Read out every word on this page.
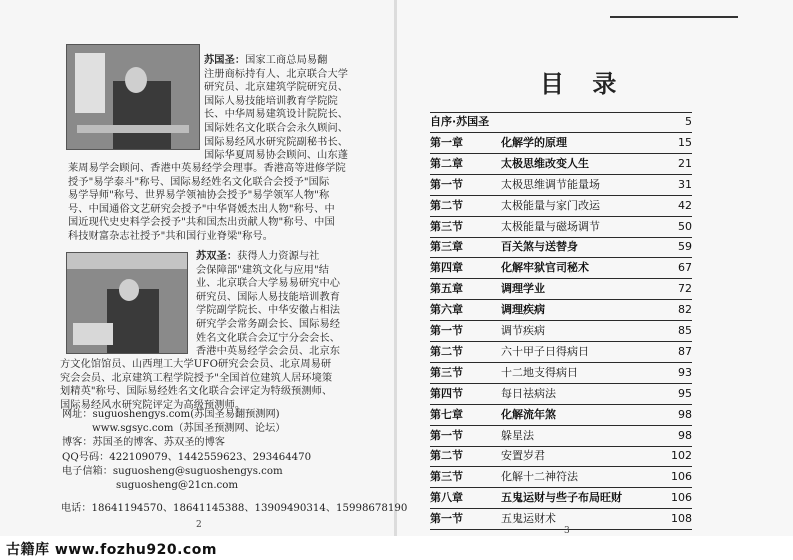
苏国圣：国家工商总局易翻
注册商标持有人、北京联合大学
研究员、北京建筑学院研究员、
国际人易技能培训教育学院院
长、中华周易建筑设计院院长、
国际姓名文化联合会永久顾问、
国际易经风水研究院副秘书长、
国际华夏周易协会顾问、山东蓬
莱周易学会顾问、香港中英易经学会理事。香港高等进修学院
授予"易学泰斗"称号、国际易经姓名文化联合会授予"国际
易学导师"称号、世界易学领袖协会授予"易学领军人物"称
号、中国通俗文艺研究会授予"中华肾媛杰出人物"称号、中
国近现代史史料学会授予"共和国杰出贡献人物"称号、中国
科技财富杂志社授予"共和国行业脊梁"称号。
苏双圣：获得人力资源与社
会保障部"建筑文化与应用"结
业、北京联合大学易易研究中心
研究员、国际人易技能培训教育
学院副学院长、中华安徽占相法
研究学会常务副会长、国际易经
姓名文化联合会辽宁分会会长、
香港中英易经学会会员、北京东
方文化馆馆员、山西理工大学UFO研究会会员、北京周易研
究会会员、北京建筑工程学院授予"全国首位建筑人居环境策
划精英"称号、国际易经姓名文化联合会评定为特级预测师、
国际易经风水研究院评定为高级预测师。
网址：suguoshengys.com(苏国圣易翻预测网)
www.sgsyc.com（苏国圣预测网、论坛）
博客：苏国圣的博客、苏双圣的博客
QQ号码：422109079、1442559623、293464470
电子信箱：suguosheng@suguoshengys.com
suguosheng@21cn.com
电话：18641194570、18641145388、13909490314、15998678190
2
目 录
自序·苏国圣	5
第一章	化解学的原理	15
第二章	太极思维改变人生	21
第一节	太极思维调节能量场	31
第二节	太极能量与家门改运	42
第三节	太极能量与磁场调节	50
第三章	百关煞与送替身	59
第四章	化解牢狱官司秘术	67
第五章	调理学业	72
第六章	调理疾病	82
第一节	调节疾病	85
第二节	六十甲子日得病日	87
第三节	十二地支得病日	93
第四节	每日祛病法	95
第七章	化解流年煞	98
第一节	躲星法	98
第二节	安置岁君	102
第三节	化解十二神符法	106
第八章	五鬼运财与些子布局旺财	106
第一节	五鬼运财术	108
3
古籍库 www.fozhu920.com
